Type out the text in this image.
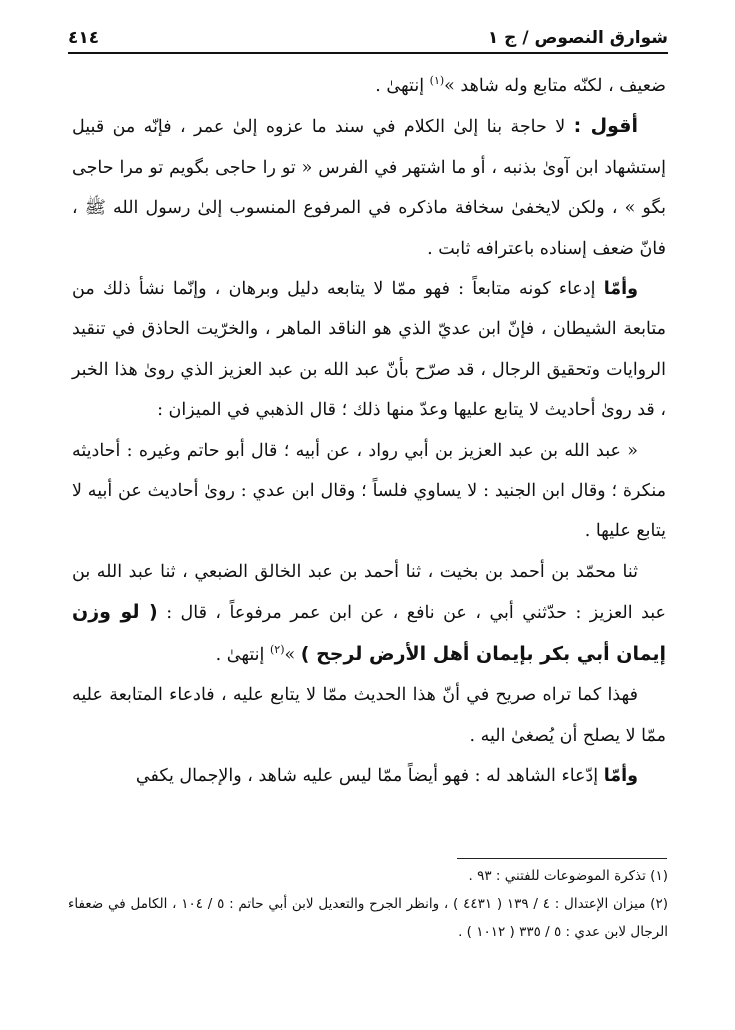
شوارق النصوص / ج ١
٤١٤

ضعيف ، لكنّه متابع وله شاهد »$^{(١)}$ إنتهىٰ .

أقول : لا حاجة بنا إلىٰ الكلام في سند ما عزوه إلىٰ عمر ، فإنّه من قبيل إستشهاد ابن آوىٰ بذنبه ، أو ما اشتهر في الفرس « تو را حاجى بگويم تو مرا حاجى بگو » ، ولكن لايخفىٰ سخافة ماذكره في المرفوع المنسوب إلىٰ رسول الله ﷺ ، فانّ ضعف إسناده باعترافه ثابت .

وأمّا إدعاء كونه متابعاً : فهو ممّا لا يتابعه دليل وبرهان ، وإنّما نشأ ذلك من متابعة الشيطان ، فإنّ ابن عديّ الذي هو الناقد الماهر ، والخرّيت الحاذق في تنقيد الروايات وتحقيق الرجال ، قد صرّح بأنّ عبد الله بن عبد العزيز الذي روىٰ هذا الخبر ، قد روىٰ أحاديث لا يتابع عليها وعدّ منها ذلك ؛ قال الذهبي في الميزان :

« عبد الله بن عبد العزيز بن أبي رواد ، عن أبيه ؛ قال أبو حاتم وغيره : أحاديثه منكرة ؛ وقال ابن الجنيد : لا يساوي فلساً ؛ وقال ابن عدي : روىٰ أحاديث عن أبيه لا يتابع عليها .

ثنا محمّد بن أحمد بن بخيت ، ثنا أحمد بن عبد الخالق الضبعي ، ثنا عبد الله بن عبد العزيز : حدّثني أبي ، عن نافع ، عن ابن عمر مرفوعاً ، قال : ( لو وزن إيمان أبي بكر بإيمان أهل الأرض لرجح ) »$^{(٢)}$ إنتهىٰ .

فهذا كما تراه صريح في أنّ هذا الحديث ممّا لا يتابع عليه ، فادعاء المتابعة عليه ممّا لا يصلح أن يُصغىٰ اليه .

وأمّا إدّعاء الشاهد له : فهو أيضاً ممّا ليس عليه شاهد ، والإجمال يكفي

(١) تذكرة الموضوعات للفتني : ٩٣ .

(٢) ميزان الإعتدال : ٤ / ١٣٩ ( ٤٤٣١ ) ، وانظر الجرح والتعديل لابن أبي حاتم : ٥ / ١٠٤ ، الكامل في ضعفاء الرجال لابن عدي : ٥ / ٣٣٥ ( ١٠١٢ ) .
